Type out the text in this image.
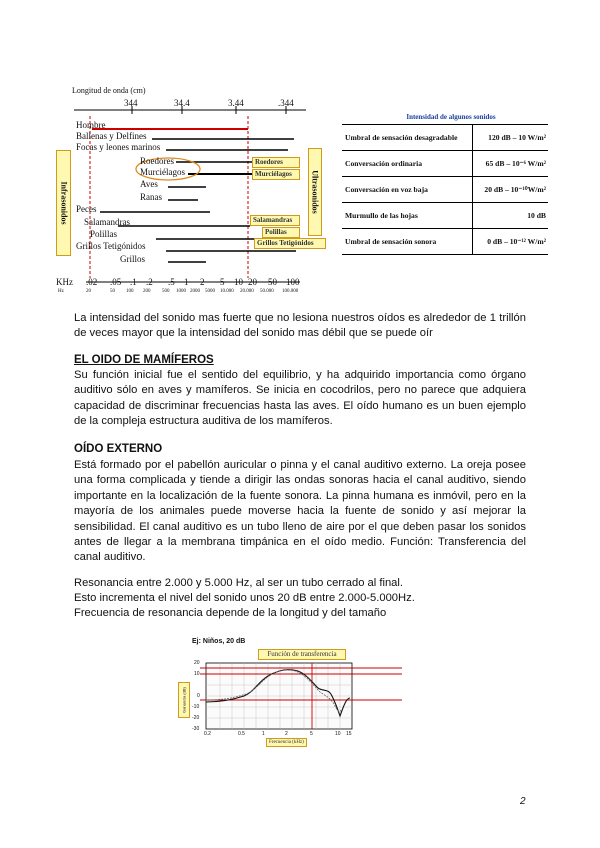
Longitud de onda (cm)
344	34.4	3.44	.344
Hombre
Ballenas y Delfines
Focas y leones marinos
Roedores
Murciélagos
Aves
Ranas
Peces
Salamandras
Polillas
Grillos Tetigónidos
Grillos
Roedores
Murciélagos
Salamandras
Polillas
Grillos Tetigónidos
Infrasonidos	Ultrasonidos
KHz .02 .05 .1 .2 .5 1 2 5 10 20 50 100
Hz	20	50 100 200 500 1000 2000 5000 10.000 20.000 50.000 100.000
Intensidad de algunos sonidos
Umbral de sensación desagradable	120 dB – 10 W/m²
Conversación ordinaria	65 dB – 10⁻⁶ W/m²
Conversación en voz baja	20 dB – 10⁻¹⁰W/m²
Murmullo de las hojas	10 dB
Umbral de sensación sonora	0 dB – 10⁻¹² W/m²
La intensidad del sonido mas fuerte que no lesiona nuestros oídos es alrededor de 1 trillón de veces mayor que la intensidad del sonido mas débil que se puede oír
EL OIDO DE MAMÍFEROS
Su función inicial fue el sentido del equilibrio, y ha adquirido importancia como órgano auditivo sólo en aves y mamíferos. Se inicia en cocodrilos, pero no parece que adquiera capacidad de discriminar frecuencias hasta las aves. El oído humano es un buen ejemplo de la compleja estructura auditiva de los mamíferos.
OÍDO EXTERNO
Está formado por el pabellón auricular o pinna y el canal auditivo externo. La oreja posee una forma complicada y tiende a dirigir las ondas sonoras hacia el canal auditivo, siendo importante en la localización de la fuente sonora. La pinna humana es inmóvil, pero en la mayoría de los animales puede moverse hacia la fuente de sonido y así mejorar la sensibilidad. El canal auditivo es un tubo lleno de aire por el que deben pasar los sonidos antes de llegar a la membrana timpánica en el oído medio. Función: Transferencia del canal auditivo.
Resonancia entre 2.000 y 5.000 Hz, al ser un tubo cerrado al final.
Esto incrementa el nivel del sonido unos 20 dB entre 2.000-5.000Hz.
Frecuencia de resonancia depende de la longitud y del tamaño
Ej: Niños, 20 dB
Función de transferencia
20
10
0
-10
-20
-30
0.2	0.5	1	2	5	10 15
Ganancia (dB)
Frecuencia (kHz)
2
